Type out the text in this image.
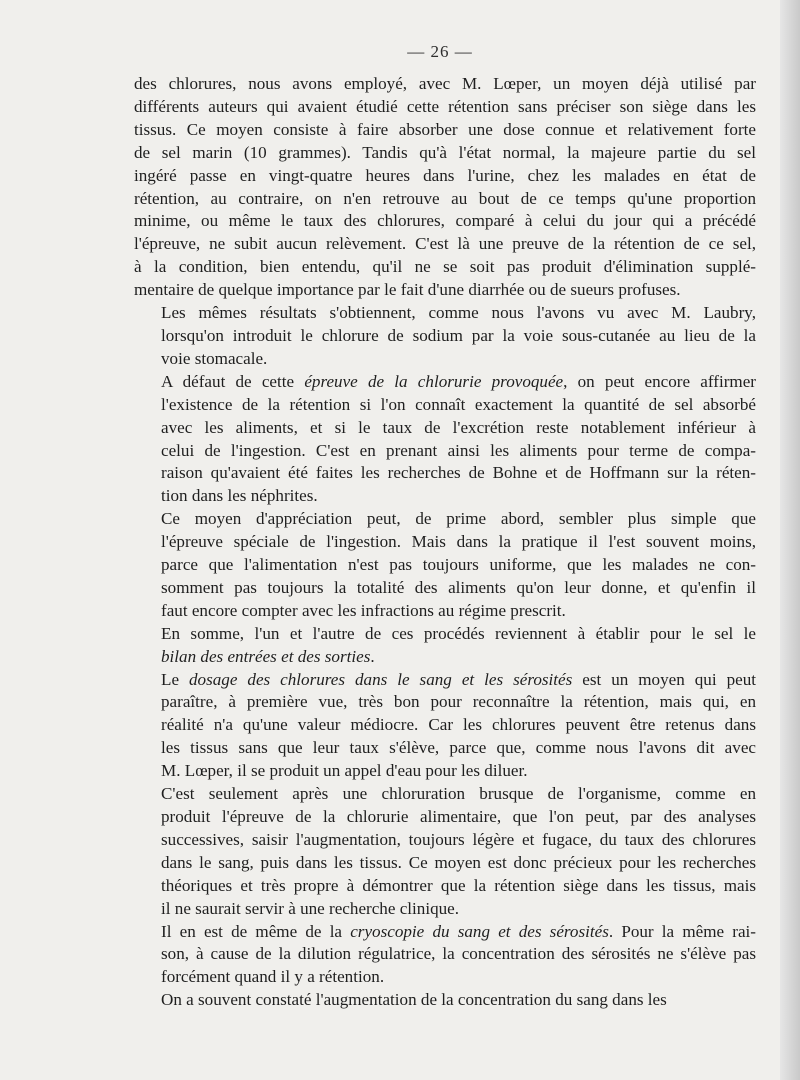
— 26 —
des chlorures, nous avons employé, avec M. Lœper, un moyen déjà utilisé par
différents auteurs qui avaient étudié cette rétention sans préciser son siège dans les
tissus. Ce moyen consiste à faire absorber une dose connue et relativement forte
de sel marin (10 grammes). Tandis qu'à l'état normal, la majeure partie du sel
ingéré passe en vingt-quatre heures dans l'urine, chez les malades en état de
rétention, au contraire, on n'en retrouve au bout de ce temps qu'une proportion
minime, ou même le taux des chlorures, comparé à celui du jour qui a précédé
l'épreuve, ne subit aucun relèvement. C'est là une preuve de la rétention de ce sel,
à la condition, bien entendu, qu'il ne se soit pas produit d'élimination supplé-
mentaire de quelque importance par le fait d'une diarrhée ou de sueurs profuses.
Les mêmes résultats s'obtiennent, comme nous l'avons vu avec M. Laubry,
lorsqu'on introduit le chlorure de sodium par la voie sous-cutanée au lieu de la
voie stomacale.
A défaut de cette épreuve de la chlorurie provoquée, on peut encore affirmer
l'existence de la rétention si l'on connaît exactement la quantité de sel absorbé
avec les aliments, et si le taux de l'excrétion reste notablement inférieur à
celui de l'ingestion. C'est en prenant ainsi les aliments pour terme de compa-
raison qu'avaient été faites les recherches de Bohne et de Hoffmann sur la réten-
tion dans les néphrites.
Ce moyen d'appréciation peut, de prime abord, sembler plus simple que
l'épreuve spéciale de l'ingestion. Mais dans la pratique il l'est souvent moins,
parce que l'alimentation n'est pas toujours uniforme, que les malades ne con-
somment pas toujours la totalité des aliments qu'on leur donne, et qu'enfin il
faut encore compter avec les infractions au régime prescrit.
En somme, l'un et l'autre de ces procédés reviennent à établir pour le sel le
bilan des entrées et des sorties.
Le dosage des chlorures dans le sang et les sérosités est un moyen qui peut
paraître, à première vue, très bon pour reconnaître la rétention, mais qui, en
réalité n'a qu'une valeur médiocre. Car les chlorures peuvent être retenus dans
les tissus sans que leur taux s'élève, parce que, comme nous l'avons dit avec
M. Lœper, il se produit un appel d'eau pour les diluer.
C'est seulement après une chloruration brusque de l'organisme, comme en
produit l'épreuve de la chlorurie alimentaire, que l'on peut, par des analyses
successives, saisir l'augmentation, toujours légère et fugace, du taux des chlorures
dans le sang, puis dans les tissus. Ce moyen est donc précieux pour les recherches
théoriques et très propre à démontrer que la rétention siège dans les tissus, mais
il ne saurait servir à une recherche clinique.
Il en est de même de la cryoscopie du sang et des sérosités. Pour la même rai-
son, à cause de la dilution régulatrice, la concentration des sérosités ne s'élève pas
forcément quand il y a rétention.
On a souvent constaté l'augmentation de la concentration du sang dans les
